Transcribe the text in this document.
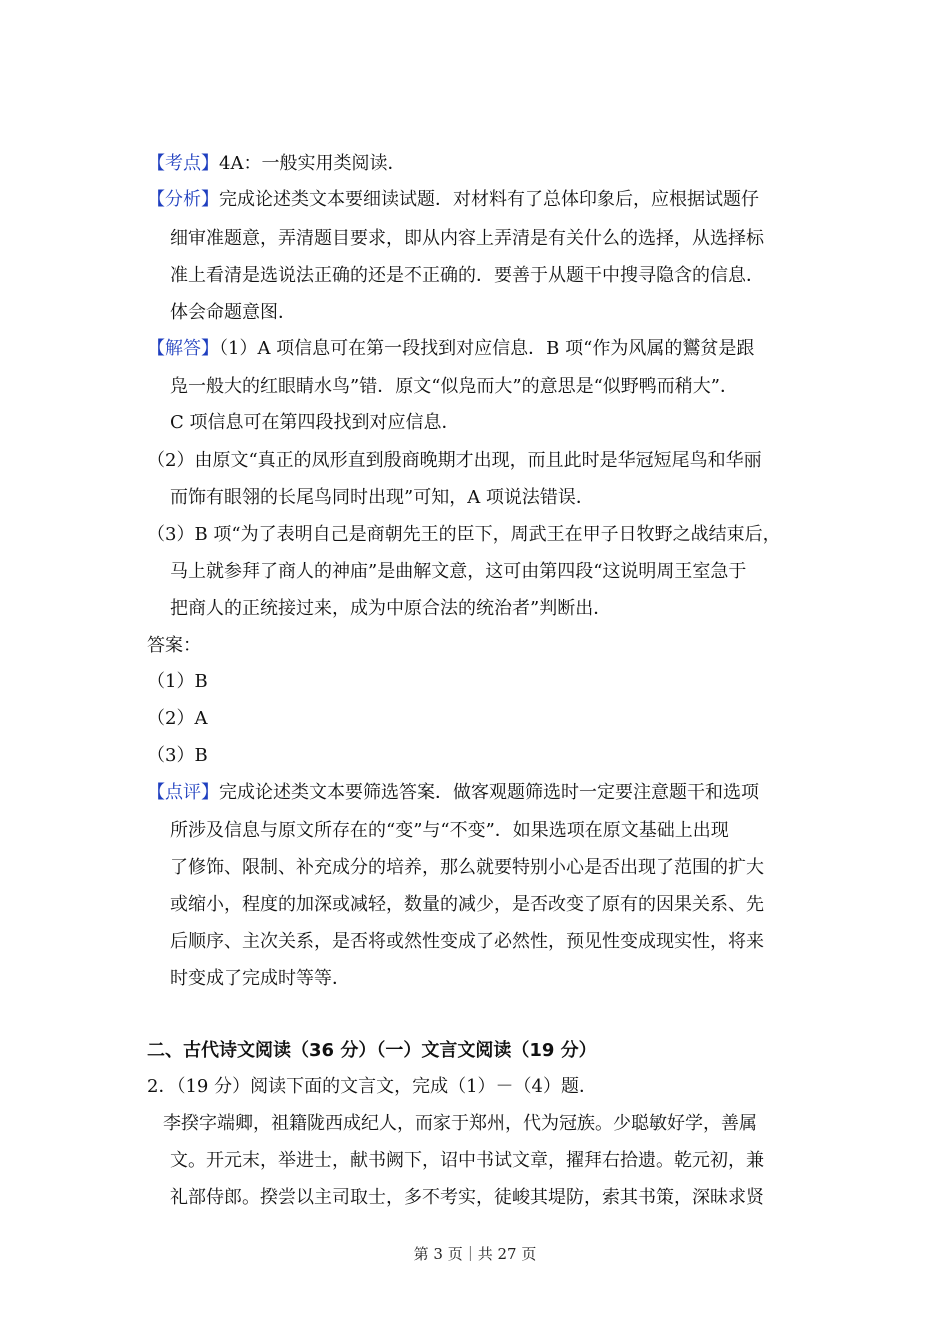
【考点】4A：一般实用类阅读．
【分析】完成论述类文本要细读试题．对材料有了总体印象后，应根据试题仔
细审准题意，弄清题目要求，即从内容上弄清是有关什么的选择，从选择标
准上看清是选说法正确的还是不正确的．要善于从题干中搜寻隐含的信息．
体会命题意图．
【解答】（1）A 项信息可在第一段找到对应信息．B 项“作为风属的鸑贫是跟
凫一般大的红眼睛水鸟”错．原文“似凫而大”的意思是“似野鸭而稍大”．
C 项信息可在第四段找到对应信息．
（2）由原文“真正的凤形直到殷商晚期才出现，而且此时是华冠短尾鸟和华丽
而饰有眼翎的长尾鸟同时出现”可知，A 项说法错误．
（3）B 项“为了表明自己是商朝先王的臣下，周武王在甲子日牧野之战结束后，
马上就参拜了商人的神庙”是曲解文意，这可由第四段“这说明周王室急于
把商人的正统接过来，成为中原合法的统治者”判断出．
答案：
（1）B
（2）A
（3）B
【点评】完成论述类文本要筛选答案．做客观题筛选时一定要注意题干和选项
所涉及信息与原文所存在的“变”与“不变”．如果选项在原文基础上出现
了修饰、限制、补充成分的培养，那么就要特别小心是否出现了范围的扩大
或缩小，程度的加深或减轻，数量的减少，是否改变了原有的因果关系、先
后顺序、主次关系，是否将或然性变成了必然性，预见性变成现实性，将来
时变成了完成时等等．
二、古代诗文阅读（36 分）（一）文言文阅读（19 分）
2．（19 分）阅读下面的文言文，完成（1）－（4）题．
李揆字端卿，祖籍陇西成纪人，而家于郑州，代为冠族。少聪敏好学，善属
文。开元末，举进士，献书阙下，诏中书试文章，擢拜右拾遗。乾元初，兼
礼部侍郎。揆尝以主司取士，多不考实，徒峻其堤防，索其书策，深昧求贤
第 3 页｜共 27 页
